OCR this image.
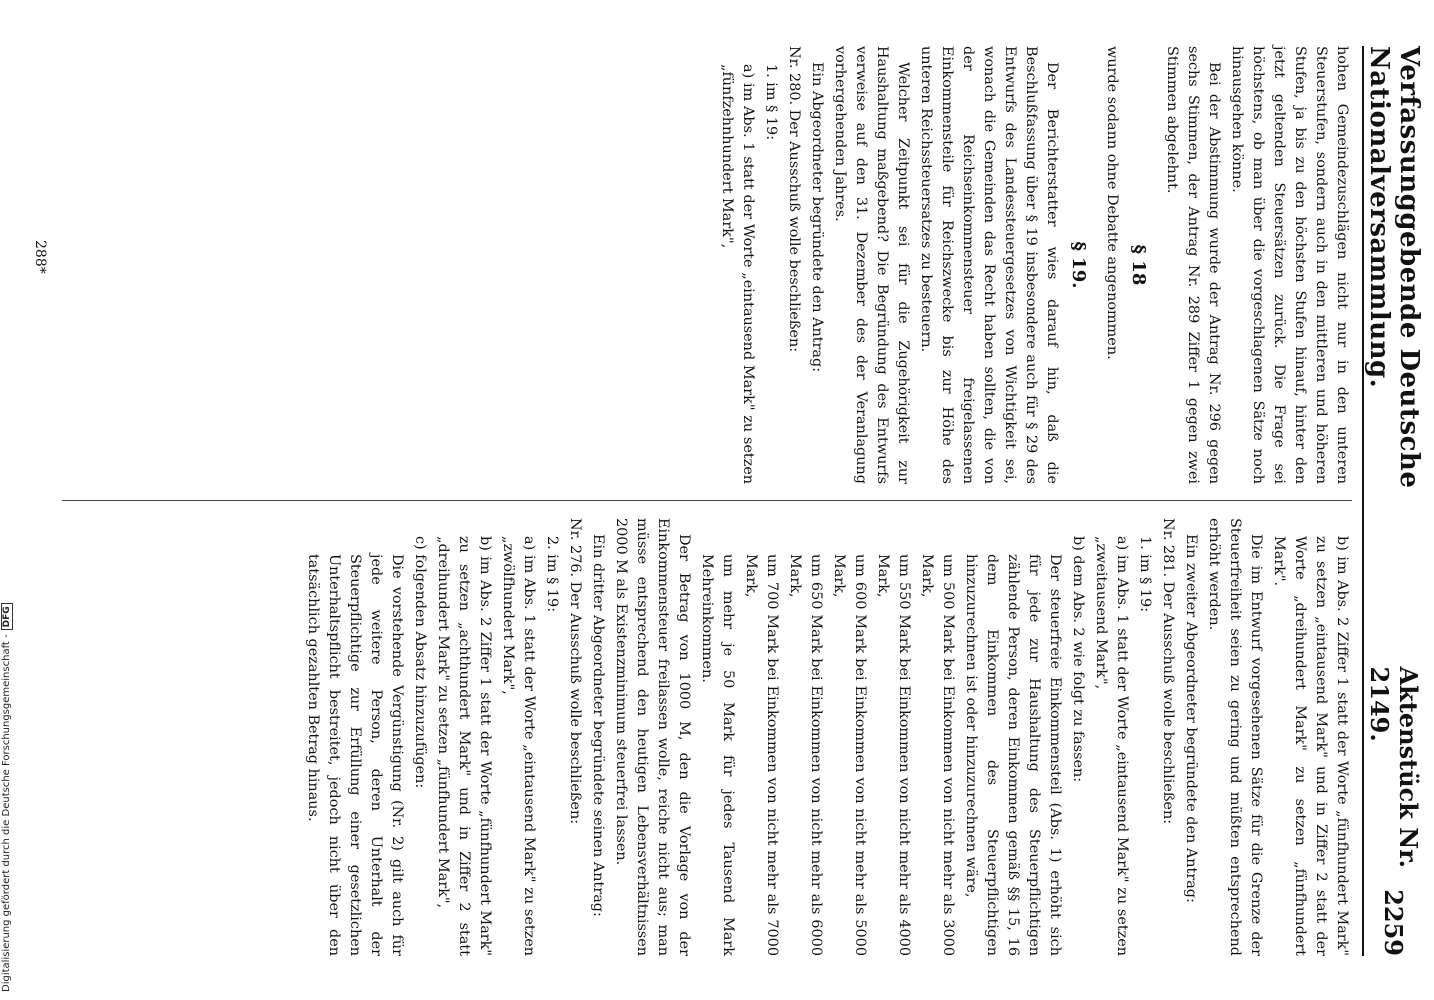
Verfassunggebende Deutsche Nationalversammlung.
Aktenstück Nr. 2149.
2259

hohen Gemeindezuschlägen nicht nur in den unteren Steuerstufen, sondern auch in den mittleren und höheren Stufen, ja bis zu den höchsten Stufen hinauf, hinter den jetzt geltenden Steuersätzen zurück. Die Frage sei höchstens, ob man über die vorgeschlagenen Sätze noch hinausgehen könne.

Bei der Abstimmung wurde der Antrag Nr. 296 gegen sechs Stimmen, der Antrag Nr. 289 Ziffer 1 gegen zwei Stimmen abgelehnt.

§ 18

wurde sodann ohne Debatte angenommen.

§ 19.

Der Berichterstatter wies darauf hin, daß die Beschlußfassung über § 19 insbesondere auch für § 29 des Entwurfs des Landessteuergesetzes von Wichtigkeit sei, wonach die Gemeinden das Recht haben sollten, die von der Reichseinkommensteuer freigelassenen Einkommensteile für Reichszwecke bis zur Höhe des unteren Reichssteuersatzes zu besteuern.

Welcher Zeitpunkt sei für die Zugehörigkeit zur Haushaltung maßgebend? Die Begründung des Entwurfs verweise auf den 31. Dezember des der Veranlagung vorhergehenden Jahres.

Ein Abgeordneter begründete den Antrag:

Nr. 280. Der Ausschuß wolle beschließen:

1. im § 19:

a) im Abs. 1 statt der Worte „eintausend Mark" zu setzen „fünfzehnhundert Mark",

b) im Abs. 2 Ziffer 1 statt der Worte „fünfhundert Mark" zu setzen „eintausend Mark" und in Ziffer 2 statt der Worte „dreihundert Mark" zu setzen „fünfhundert Mark".

Die im Entwurf vorgesehenen Sätze für die Grenze der Steuerfreiheit seien zu gering und müßten entsprechend erhöht werden.

Ein zweiter Abgeordneter begründete den Antrag:

Nr. 281. Der Ausschuß wolle beschließen:

1. im § 19:

a) im Abs. 1 statt der Worte „eintausend Mark" zu setzen „zweitausend Mark",

b) dem Abs. 2 wie folgt zu fassen:

Der steuerfreie Einkommensteil (Abs. 1) erhöht sich für jede zur Haushaltung des Steuerpflichtigen zählende Person, deren Einkommen gemäß §§ 15, 16 dem Einkommen des Steuerpflichtigen hinzuzurechnen ist oder hinzuzurechnen wäre,

um 500 Mark bei Einkommen von nicht mehr als 3000 Mark,

um 550 Mark bei Einkommen von nicht mehr als 4000 Mark,

um 600 Mark bei Einkommen von nicht mehr als 5000 Mark,

um 650 Mark bei Einkommen von nicht mehr als 6000 Mark,

um 700 Mark bei Einkommen von nicht mehr als 7000 Mark,

um mehr je 50 Mark für jedes Tausend Mark Mehreinkommen.

Der Betrag von 1000 M, den die Vorlage von der Einkommensteuer freilassen wolle, reiche nicht aus; man müsse entsprechend den heutigen Lebensverhältnissen 2000 M als Existenzminimum steuerfrei lassen.

Ein dritter Abgeordneter begründete seinen Antrag:

Nr. 276. Der Ausschuß wolle beschließen:

2. im § 19:

a) im Abs. 1 statt der Worte „eintausend Mark" zu setzen „zwölfhundert Mark",

b) im Abs. 2 Ziffer 1 statt der Worte „fünfhundert Mark" zu setzen „achthundert Mark" und in Ziffer 2 statt „dreihundert Mark" zu setzen „fünfhundert Mark",

c) folgenden Absatz hinzuzufügen:

Die vorstehende Vergünstigung (Nr. 2) gilt auch für jede weitere Person, deren Unterhalt der Steuerpflichtige zur Erfüllung einer gesetzlichen Unterhaltspflicht bestreitet, jedoch nicht über den tatsächlich gezahlten Betrag hinaus.

288*
Digitalisierung gefördert durch die Deutsche Forschungsgemeinschaft -DFG
